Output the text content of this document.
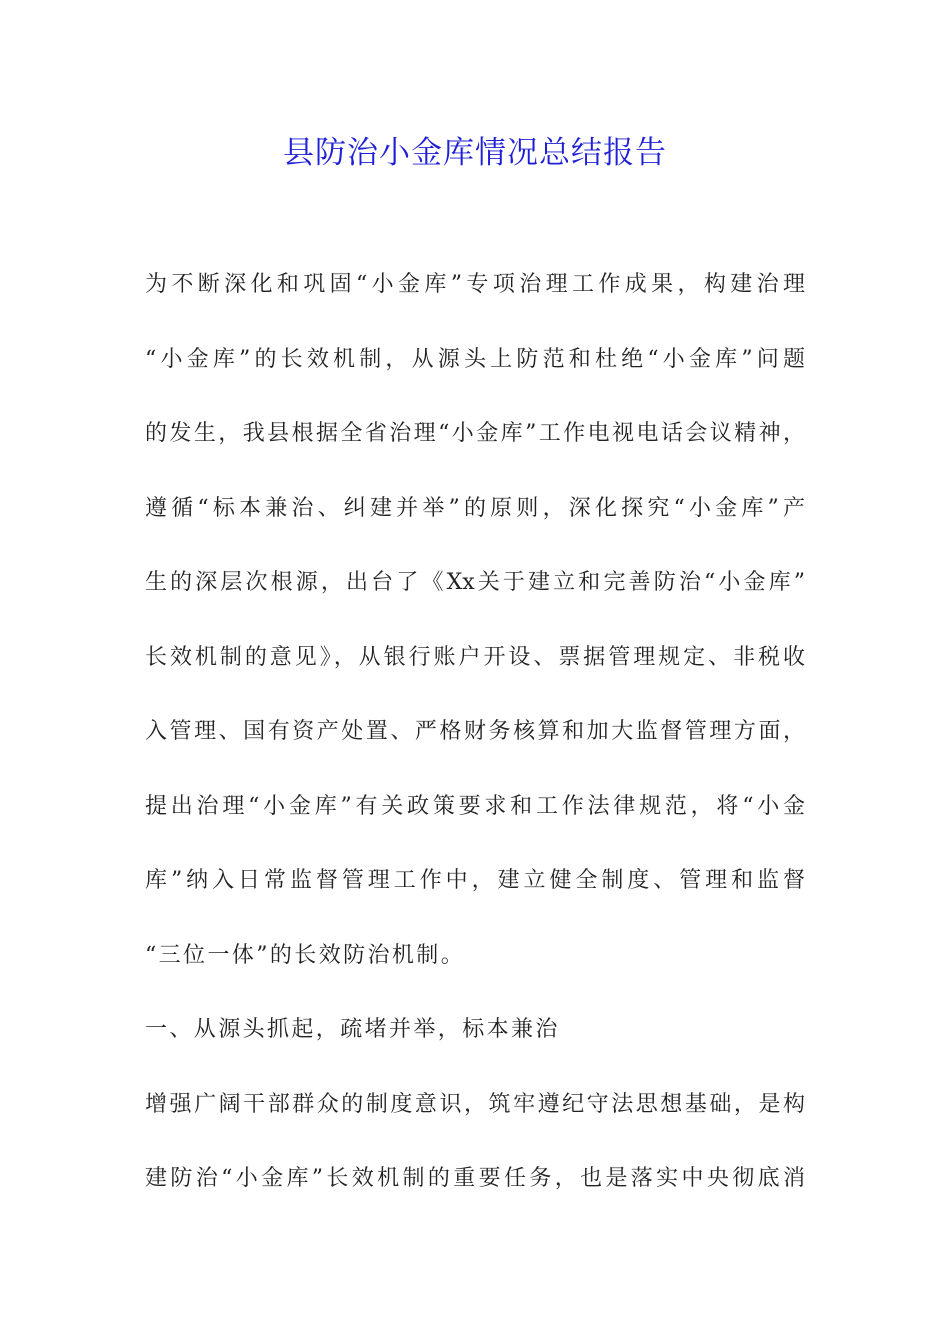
县防治小金库情况总结报告
为不断深化和巩固“小金库”专项治理工作成果，构建治理
“小金库”的长效机制，从源头上防范和杜绝“小金库”问题
的发生，我县根据全省治理“小金库”工作电视电话会议精神，
遵循“标本兼治、纠建并举”的原则，深化探究“小金库”产
生的深层次根源，出台了《Xx关于建立和完善防治“小金库”
长效机制的意见》，从银行账户开设、票据管理规定、非税收
入管理、国有资产处置、严格财务核算和加大监督管理方面，
提出治理“小金库”有关政策要求和工作法律规范，将“小金
库”纳入日常监督管理工作中，建立健全制度、管理和监督
“三位一体”的长效防治机制。
一、从源头抓起，疏堵并举，标本兼治
增强广阔干部群众的制度意识，筑牢遵纪守法思想基础，是构
建防治“小金库”长效机制的重要任务，也是落实中央彻底消
